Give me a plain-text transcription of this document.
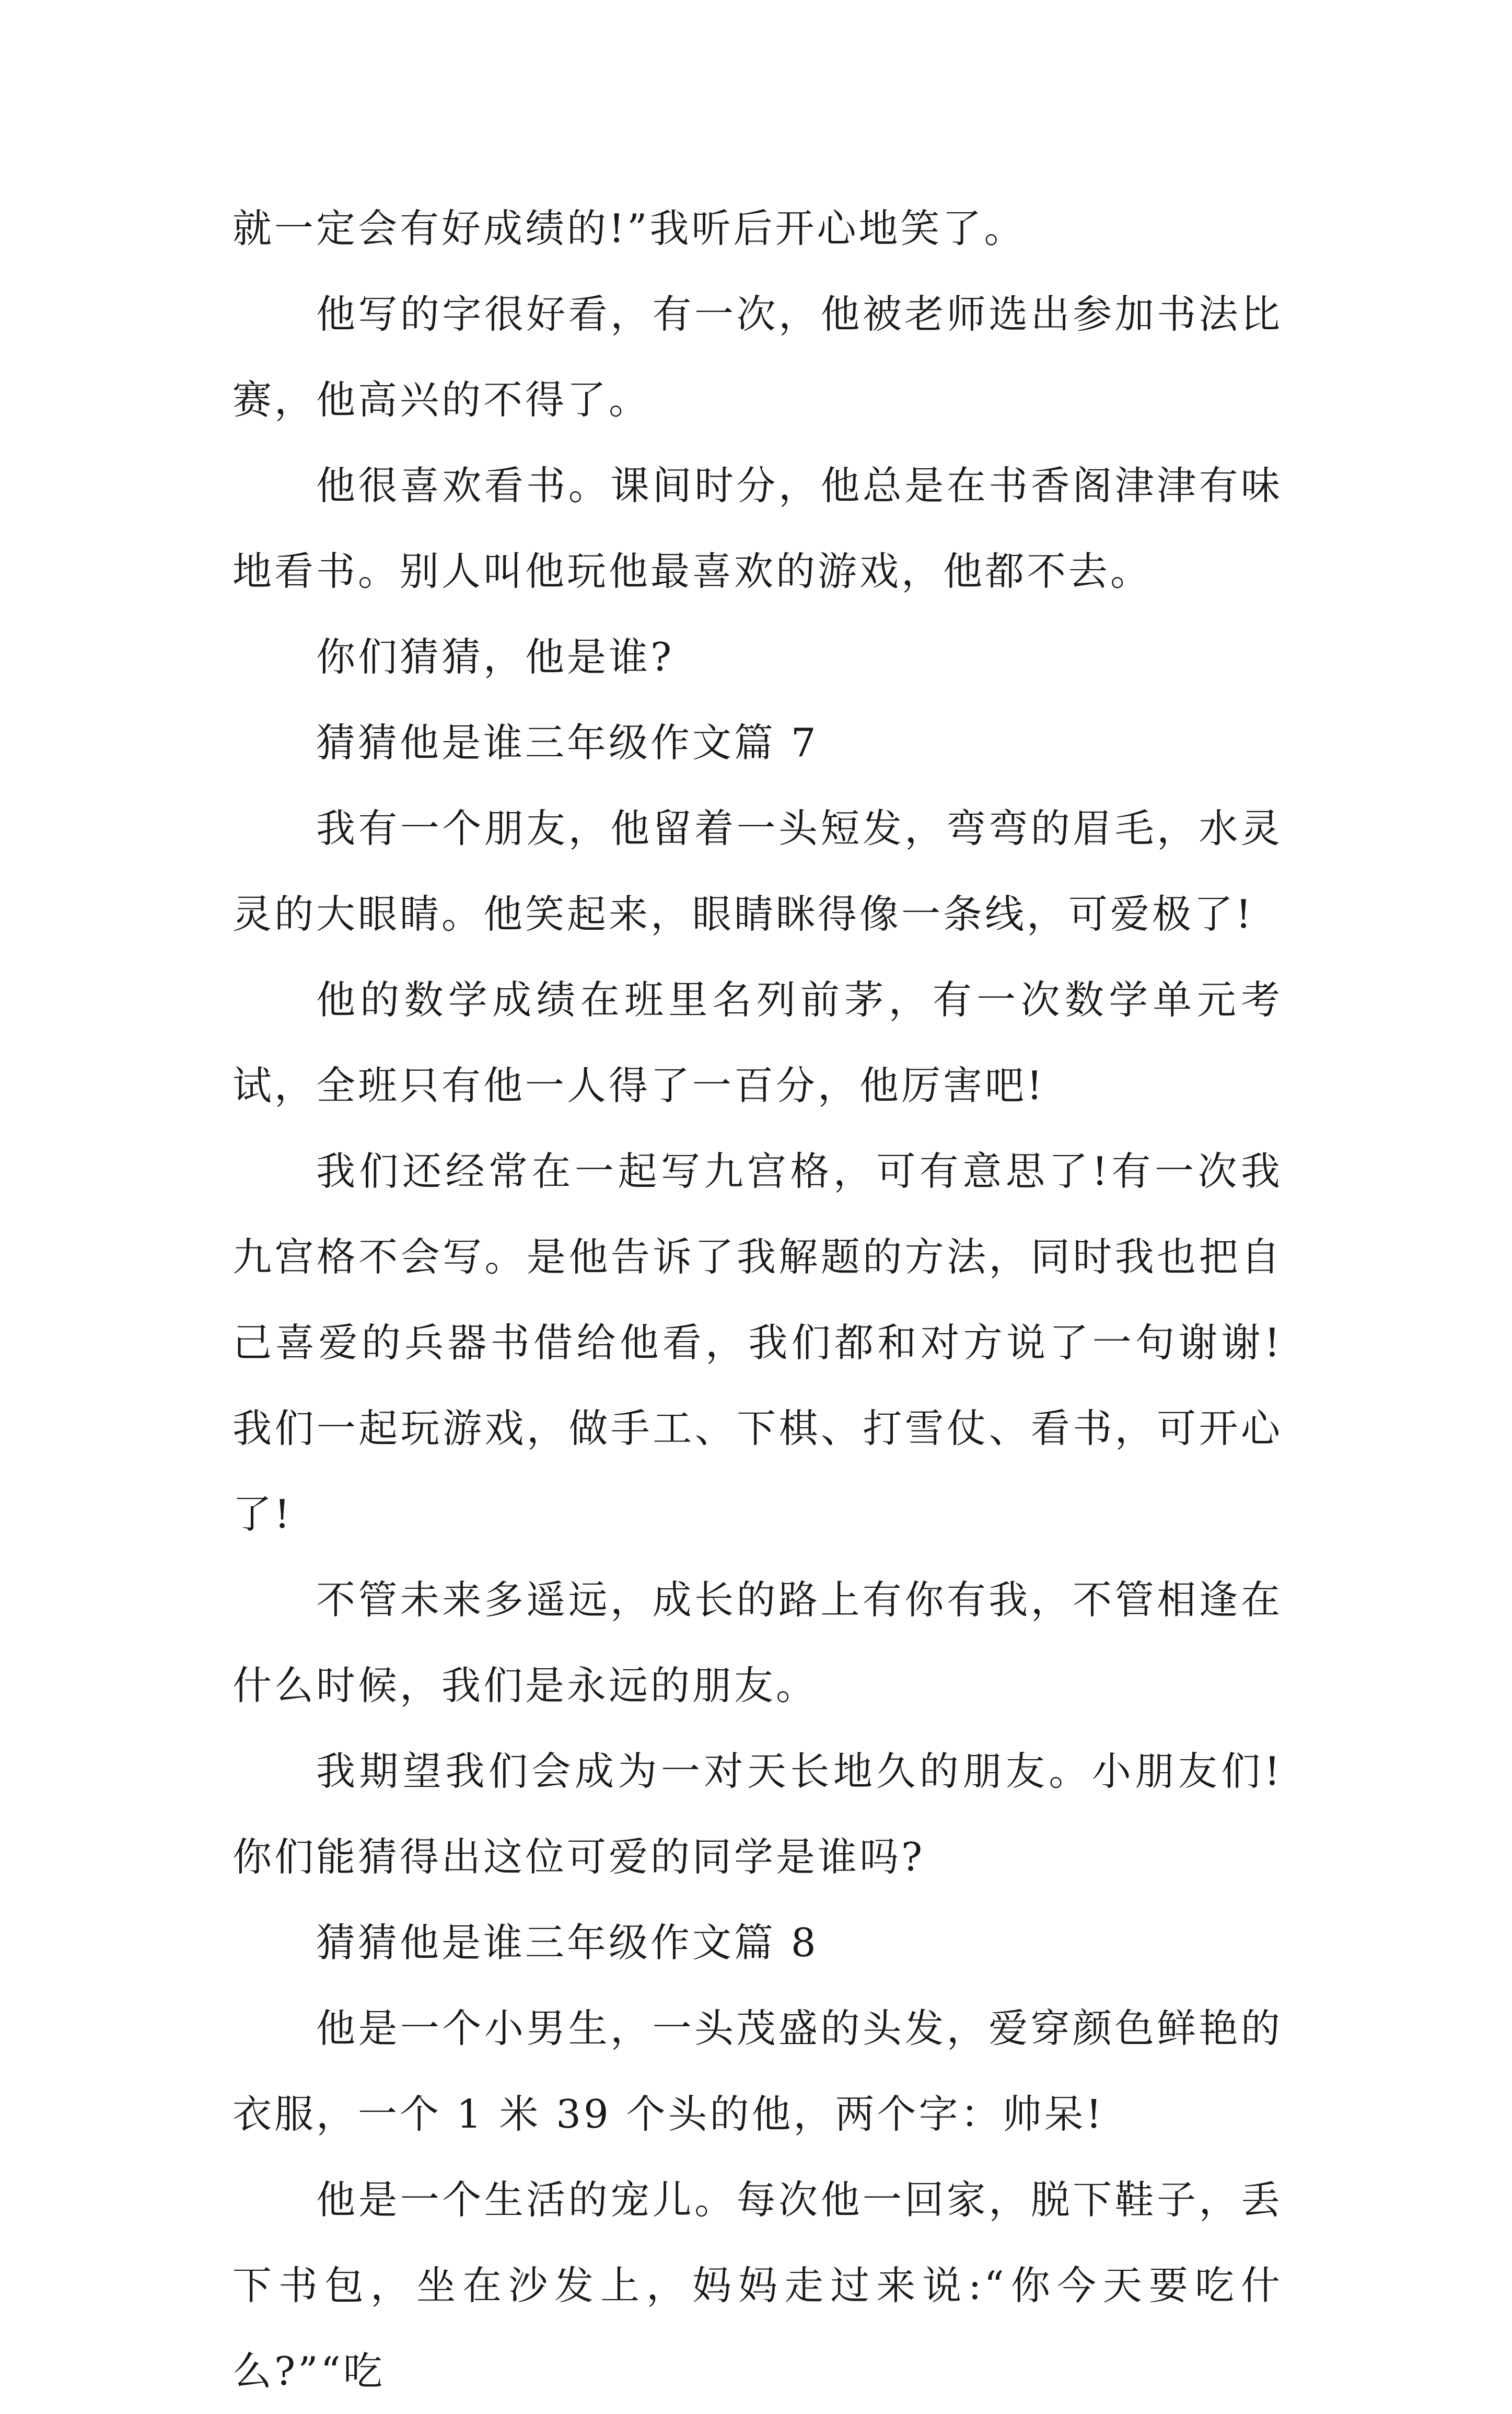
就一定会有好成绩的!”我听后开心地笑了。

他写的字很好看，有一次，他被老师选出参加书法比赛，他高兴的不得了。

他很喜欢看书。课间时分，他总是在书香阁津津有味地看书。别人叫他玩他最喜欢的游戏，他都不去。

你们猜猜，他是谁?

猜猜他是谁三年级作文篇 7

我有一个朋友，他留着一头短发，弯弯的眉毛，水灵灵的大眼睛。他笑起来，眼睛眯得像一条线，可爱极了!

他的数学成绩在班里名列前茅，有一次数学单元考试，全班只有他一人得了一百分，他厉害吧!

我们还经常在一起写九宫格，可有意思了!有一次我九宫格不会写。是他告诉了我解题的方法，同时我也把自己喜爱的兵器书借给他看，我们都和对方说了一句谢谢!我们一起玩游戏，做手工、下棋、打雪仗、看书，可开心了!

不管未来多遥远，成长的路上有你有我，不管相逢在什么时候，我们是永远的朋友。

我期望我们会成为一对天长地久的朋友。小朋友们!你们能猜得出这位可爱的同学是谁吗?

猜猜他是谁三年级作文篇 8

他是一个小男生，一头茂盛的头发，爱穿颜色鲜艳的衣服，一个 1 米 39 个头的他，两个字：帅呆!

他是一个生活的宠儿。每次他一回家，脱下鞋子，丢下书包，坐在沙发上，妈妈走过来说:“你今天要吃什么?”“吃
